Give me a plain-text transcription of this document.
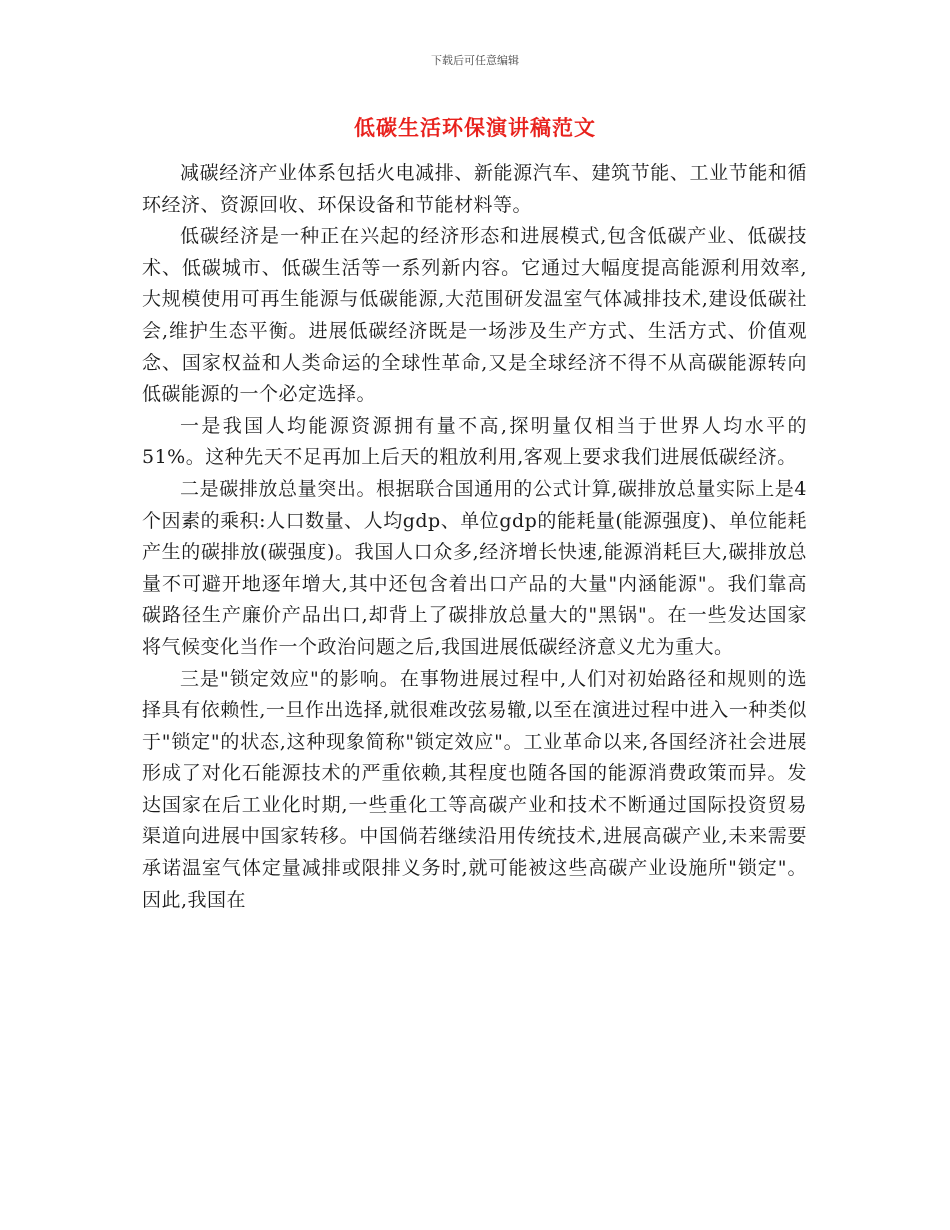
下载后可任意编辑
低碳生活环保演讲稿范文

减碳经济产业体系包括火电减排、新能源汽车、建筑节能、工业节能和循环经济、资源回收、环保设备和节能材料等。

低碳经济是一种正在兴起的经济形态和进展模式,包含低碳产业、低碳技术、低碳城市、低碳生活等一系列新内容。它通过大幅度提高能源利用效率,大规模使用可再生能源与低碳能源,大范围研发温室气体减排技术,建设低碳社会,维护生态平衡。进展低碳经济既是一场涉及生产方式、生活方式、价值观念、国家权益和人类命运的全球性革命,又是全球经济不得不从高碳能源转向低碳能源的一个必定选择。

一是我国人均能源资源拥有量不高,探明量仅相当于世界人均水平的51%。这种先天不足再加上后天的粗放利用,客观上要求我们进展低碳经济。

二是碳排放总量突出。根据联合国通用的公式计算,碳排放总量实际上是4个因素的乘积:人口数量、人均gdp、单位gdp的能耗量(能源强度)、单位能耗产生的碳排放(碳强度)。我国人口众多,经济增长快速,能源消耗巨大,碳排放总量不可避开地逐年增大,其中还包含着出口产品的大量"内涵能源"。我们靠高碳路径生产廉价产品出口,却背上了碳排放总量大的"黑锅"。在一些发达国家将气候变化当作一个政治问题之后,我国进展低碳经济意义尤为重大。

三是"锁定效应"的影响。在事物进展过程中,人们对初始路径和规则的选择具有依赖性,一旦作出选择,就很难改弦易辙,以至在演进过程中进入一种类似于"锁定"的状态,这种现象简称"锁定效应"。工业革命以来,各国经济社会进展形成了对化石能源技术的严重依赖,其程度也随各国的能源消费政策而异。发达国家在后工业化时期,一些重化工等高碳产业和技术不断通过国际投资贸易渠道向进展中国家转移。中国倘若继续沿用传统技术,进展高碳产业,未来需要承诺温室气体定量减排或限排义务时,就可能被这些高碳产业设施所"锁定"。因此,我国在
